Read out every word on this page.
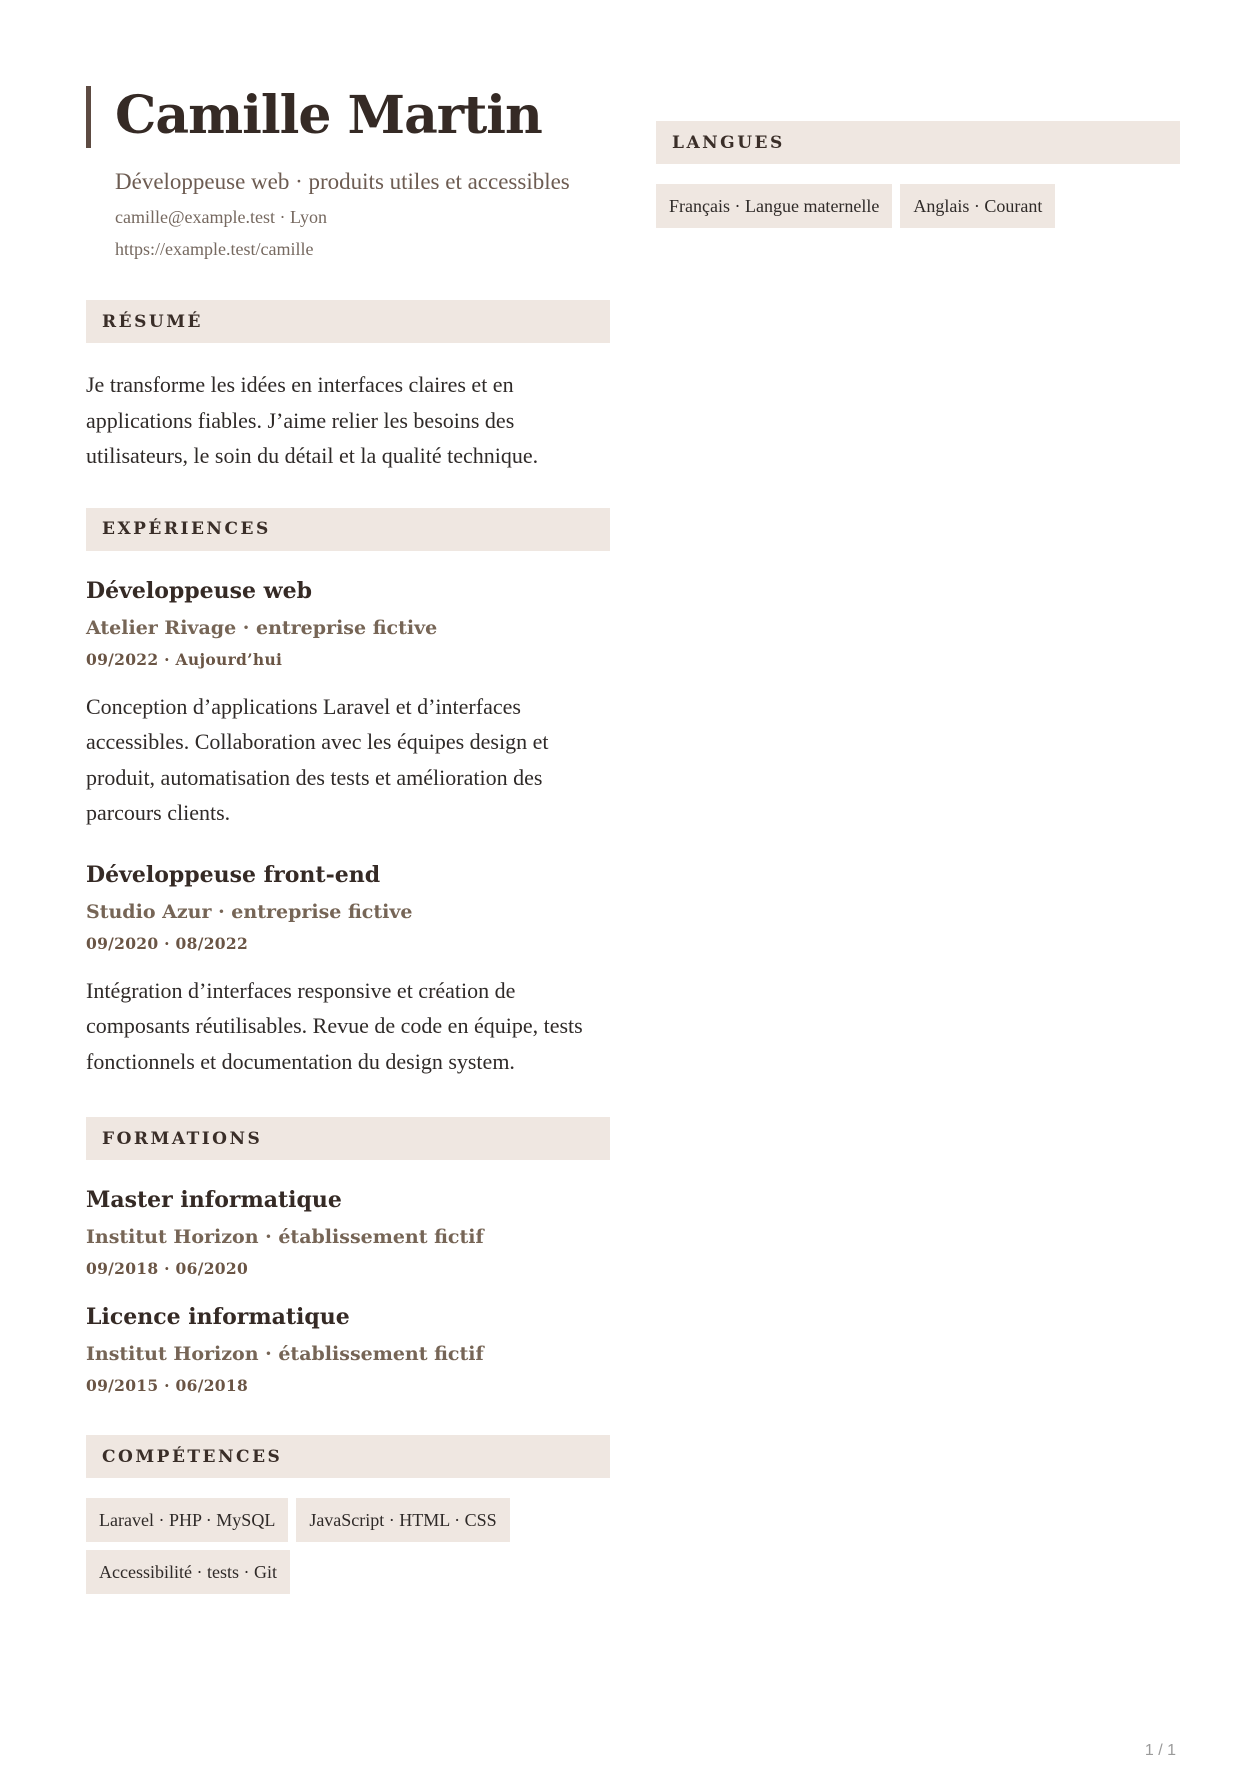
Camille Martin
Développeuse web · produits utiles et accessibles
camille@example.test · Lyon
https://example.test/camille
RÉSUMÉ

Je transforme les idées en interfaces claires et en applications fiables. J’aime relier les besoins des utilisateurs, le soin du détail et la qualité technique.

EXPÉRIENCES
Développeuse web
Atelier Rivage · entreprise fictive
09/2022 · Aujourd’hui

Conception d’applications Laravel et d’interfaces accessibles. Collaboration avec les équipes design et produit, automatisation des tests et amélioration des parcours clients.

Développeuse front-end
Studio Azur · entreprise fictive
09/2020 · 08/2022

Intégration d’interfaces responsive et création de composants réutilisables. Revue de code en équipe, tests fonctionnels et documentation du design system.

FORMATIONS
Master informatique
Institut Horizon · établissement fictif
09/2018 · 06/2020
Licence informatique
Institut Horizon · établissement fictif
09/2015 · 06/2018
COMPÉTENCES
Laravel · PHP · MySQL	JavaScript · HTML · CSS
Accessibilité · tests · Git
LANGUES
Français · Langue maternelle	Anglais · Courant
1 / 1
